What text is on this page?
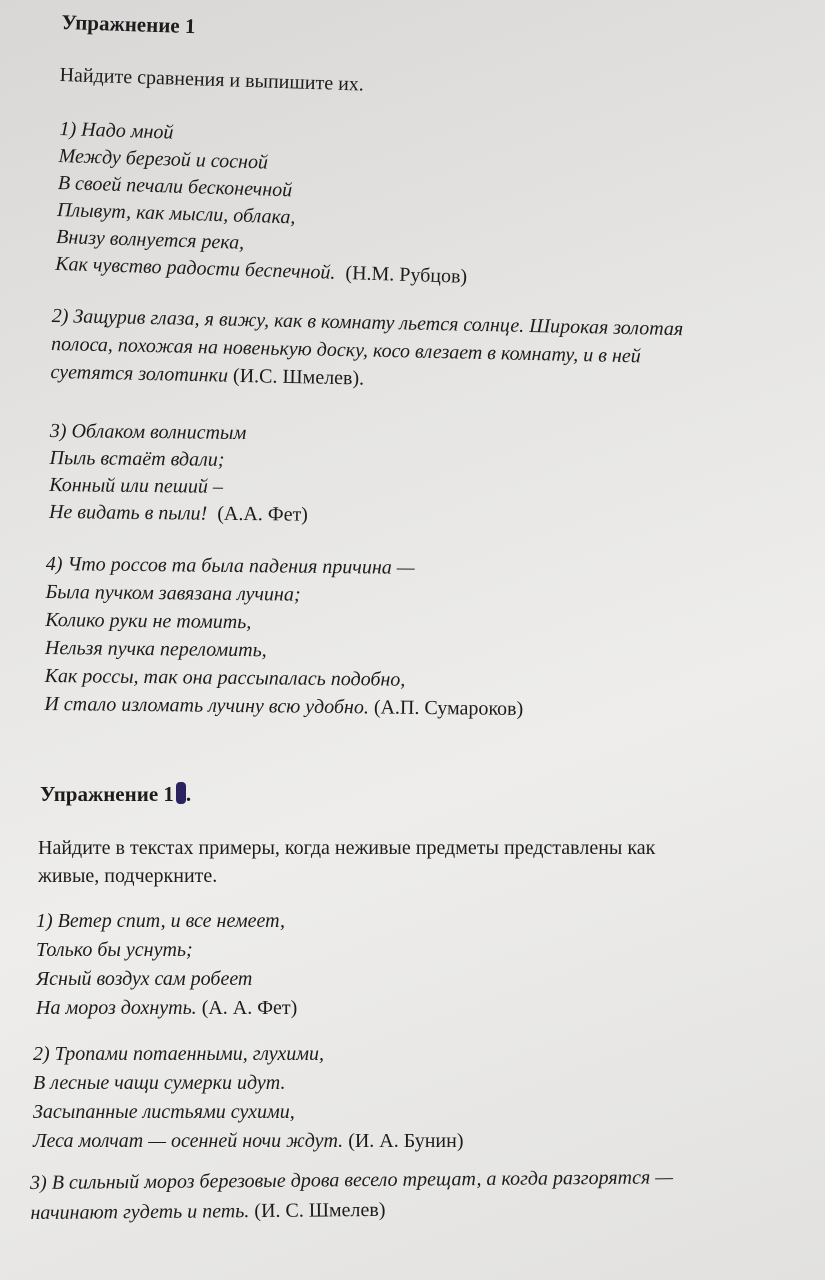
Упражнение 1
Найдите сравнения и выпишите их.
1) Надо мной
Между березой и сосной
В своей печали бесконечной
Плывут, как мысли, облака,
Внизу волнуется река,
Как чувство радости беспечной. (Н.М. Рубцов)
2) Защурив глаза, я вижу, как в комнату льется солнце. Широкая золотая
полоса, похожая на новенькую доску, косо влезает в комнату, и в ней
суетятся золотинки (И.С. Шмелев).
3) Облаком волнистым
Пыль встаёт вдали;
Конный или пеший –
Не видать в пыли! (А.А. Фет)
4) Что россов та была падения причина —
Была пучком завязана лучина;
Колико руки не томить,
Нельзя пучка переломить,
Как россы, так она рассыпалась подобно,
И стало изломать лучину всю удобно. (А.П. Сумароков)
Упражнение 1 .
Найдите в текстах примеры, когда неживые предметы представлены как
живые, подчеркните.
1) Ветер спит, и все немеет,
Только бы уснуть;
Ясный воздух сам робеет
На мороз дохнуть. (А. А. Фет)
2) Тропами потаенными, глухими,
В лесные чащи сумерки идут.
Засыпанные листьями сухими,
Леса молчат — осенней ночи ждут. (И. А. Бунин)
3) В сильный мороз березовые дрова весело трещат, а когда разгорятся —
начинают гудеть и петь. (И. С. Шмелев)
